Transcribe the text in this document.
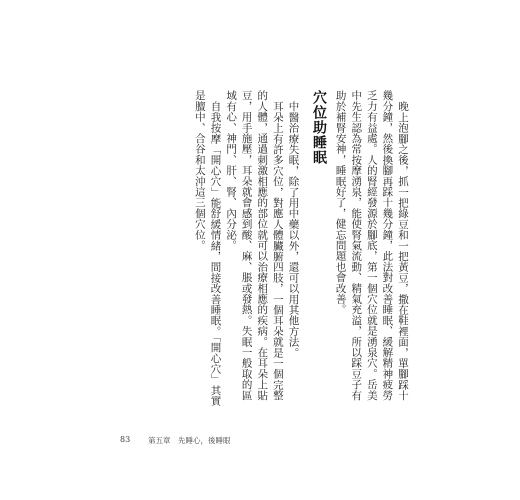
晚上泡腳之後，抓一把綠豆和一把黃豆，撒在鞋裡面，單腳踩十幾分鐘，然後換腳再踩十幾分鐘，此法對改善睡眠、緩解精神疲勞乏力有益處。人的腎經發源於腳底，第一個穴位就是湧泉穴。岳美中先生認為常按摩湧泉，能使腎氣流動、精氣充溢，所以踩豆子有助於補腎安神，睡眠好了，健忘問題也會改善。

穴位助睡眠

中醫治療失眠，除了用中藥以外，還可以用其他方法。

耳朵上有許多穴位，對應人體臟腑四肢，一個耳朵就是一個完整的人體，通過刺激相應的部位就可以治療相應的疾病。在耳朵上貼豆，用手施壓，耳朵就會感到酸、麻、脹或發熱。失眠一般取的區域有心、神門、肝、腎、內分泌。

自我按摩「開心穴」能舒緩情緒，間接改善睡眠。「開心穴」其實是膻中、合谷和太沖這三個穴位。

83 第五章　先睡心，後睡眼
